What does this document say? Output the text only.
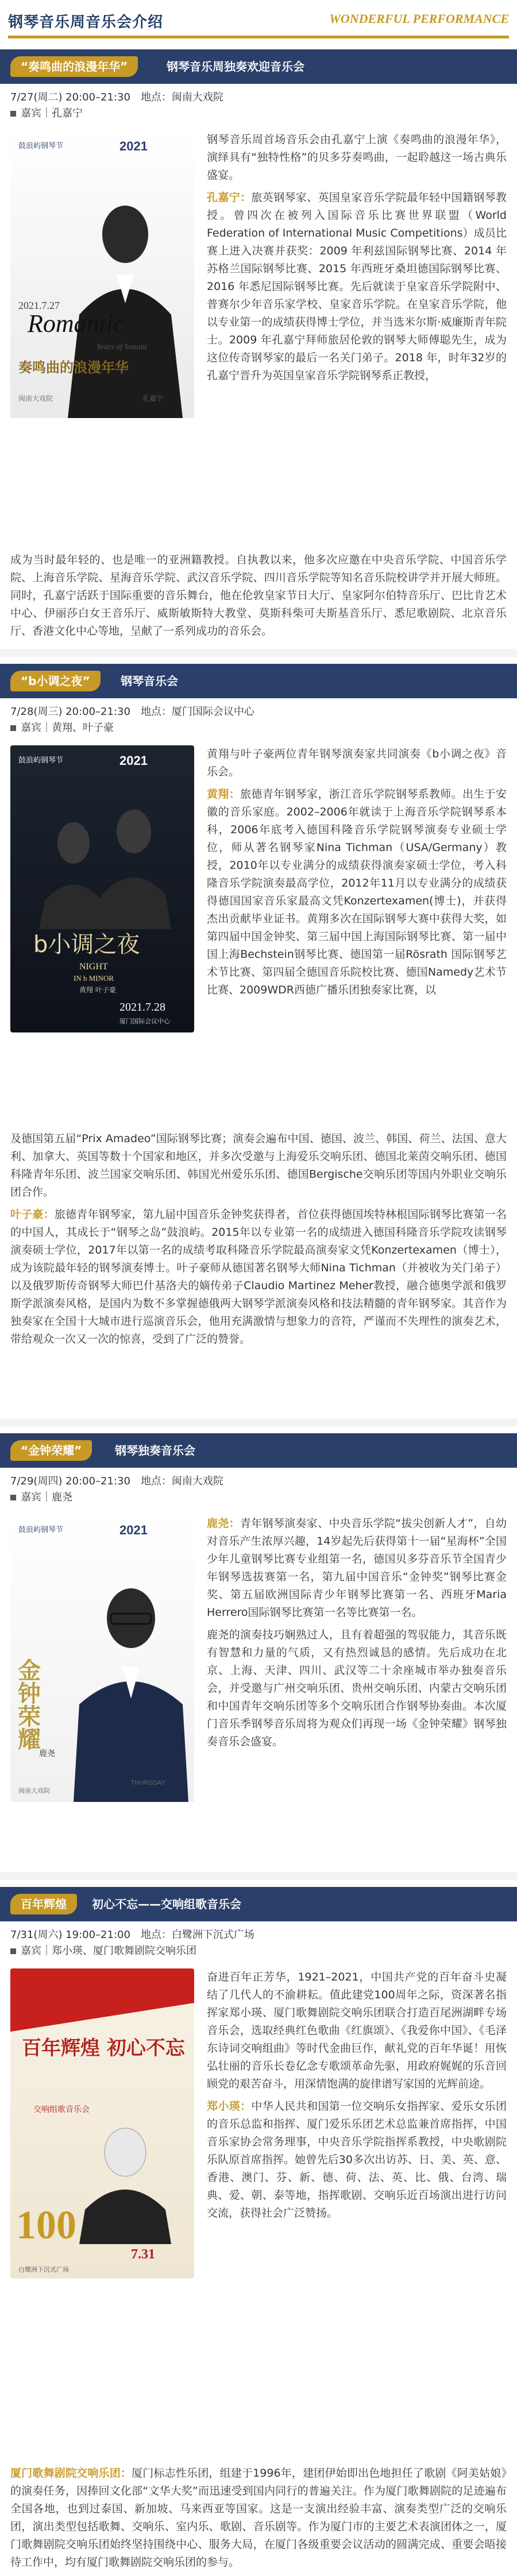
钢琴音乐周音乐会介绍	WONDERFUL PERFORMANCE
“奏鸣曲的浪漫年华”	钢琴音乐周独奏欢迎音乐会
7/27(周二) 20:00–21:30　 地点：闽南大戏院
嘉宾｜孔嘉宁
鼓浪屿钢琴节	2021
Romantic
Years of Sonata
奏鸣曲的浪漫年华
2021.7.27
闽南大戏院	孔嘉宁

钢琴音乐周首场音乐会由孔嘉宁上演《奏鸣曲的浪漫年华》，演绎具有“独特性格”的贝多芬奏鸣曲，一起聆越这一场古典乐盛宴。

孔嘉宁：旅英钢琴家、英国皇家音乐学院最年轻中国籍钢琴教授。曾四次在被列入国际音乐比赛世界联盟（World Federation of International Music Competitions）成员比赛上进入决赛并获奖：2009 年利兹国际钢琴比赛、2014 年苏格兰国际钢琴比赛、2015 年西班牙桑坦德国际钢琴比赛、2016 年悉尼国际钢琴比赛。先后就读于皇家音乐学院附中、普赛尔少年音乐家学校、皇家音乐学院。在皇家音乐学院，他以专业第一的成绩获得博士学位，并当选米尔斯·威廉斯青年院士。2009 年孔嘉宁拜师旅居伦敦的钢琴大师傅聪先生，成为这位传奇钢琴家的最后一名关门弟子。2018 年，时年32岁的孔嘉宁晋升为英国皇家音乐学院钢琴系正教授，

成为当时最年轻的、也是唯一的亚洲籍教授。自执教以来，他多次应邀在中央音乐学院、中国音乐学院、上海音乐学院、星海音乐学院、武汉音乐学院、四川音乐学院等知名音乐院校讲学并开展大师班。同时，孔嘉宁活跃于国际重要的音乐舞台，他在伦敦皇家节日大厅、皇家阿尔伯特音乐厅、巴比肯艺术中心、伊丽莎白女王音乐厅、威斯敏斯特大教堂、莫斯科柴可夫斯基音乐厅、悉尼歌剧院、北京音乐厅、香港文化中心等地，呈献了一系列成功的音乐会。

“b小调之夜”	钢琴音乐会
7/28(周三) 20:00–21:30　 地点：厦门国际会议中心
嘉宾｜黄翔、叶子豪
鼓浪屿钢琴节	2021
b小调之夜
NIGHT
IN b MINOR
黄翔 叶子豪
2021.7.28
厦门国际会议中心

黄翔与叶子豪两位青年钢琴演奏家共同演奏《b小调之夜》音乐会。

黄翔：旅德青年钢琴家，浙江音乐学院钢琴系教师。出生于安徽的音乐家庭。2002–2006年就读于上海音乐学院钢琴系本科，2006年底考入德国科隆音乐学院钢琴演奏专业硕士学位，师从著名钢琴家Nina Tichman（USA/Germany）教授，2010年以专业满分的成绩获得演奏家硕士学位，考入科隆音乐学院演奏最高学位，2012年11月以专业满分的成绩获得德国国家音乐家最高文凭Konzertexamen(博士)，并获得杰出贡献毕业证书。黄翔多次在国际钢琴大赛中获得大奖，如第四届中国金钟奖、第三届中国上海国际钢琴比赛、第一届中国上海Bechstein钢琴比赛、德国第一届Rösrath 国际钢琴艺术节比赛、第四届全德国音乐院校比赛、德国Namedy艺术节比赛、2009WDR西德广播乐团独奏家比赛，以

及德国第五届“Prix Amadeo”国际钢琴比赛；演奏会遍布中国、德国、波兰、韩国、荷兰、法国、意大利、加拿大、英国等数十个国家和地区，并多次受邀与上海爱乐交响乐团、德国北莱茵交响乐团、德国科隆青年乐团、波兰国家交响乐团、韩国光州爱乐乐团、德国Bergische交响乐团等国内外职业交响乐团合作。

叶子豪：旅德青年钢琴家，第九届中国音乐金钟奖获得者，首位获得德国埃特林根国际钢琴比赛第一名的中国人，其成长于“钢琴之岛”鼓浪屿。2015年以专业第一名的成绩进入德国科隆音乐学院攻读钢琴演奏硕士学位，2017年以第一名的成绩考取科隆音乐学院最高演奏家文凭Konzertexamen（博士），成为该院最年轻的钢琴演奏博士。叶子豪师从德国著名钢琴大师Nina Tichman（并被收为关门弟子）以及俄罗斯传奇钢琴大师巴什基洛夫的嫡传弟子Claudio Martinez Meher教授，融合德奥学派和俄罗斯学派演奏风格，是国内为数不多掌握德俄两大钢琴学派演奏风格和技法精髓的青年钢琴家。其音作为独奏家在全国十大城市进行巡演音乐会，他用充满激情与想象力的音符，严谨而不失理性的演奏艺术，带给观众一次又一次的惊喜，受到了广泛的赞誉。

“金钟荣耀”	钢琴独奏音乐会
7/29(周四) 20:00–21:30　 地点：闽南大戏院
嘉宾｜鹿尧
鼓浪屿钢琴节	2021
金钟荣耀
鹿尧
2021.7.29
THURSDAY
闽南大戏院

鹿尧：青年钢琴演奏家、中央音乐学院“拔尖创新人才”，自幼对音乐产生浓厚兴趣，14岁起先后获得第十一届“星海杯”全国少年儿童钢琴比赛专业组第一名，德国贝多芬音乐节全国青少年钢琴选拔赛第一名，第九届中国音乐“金钟奖”钢琴比赛金奖、第五届欧洲国际青少年钢琴比赛第一名、西班牙Maria Herrero国际钢琴比赛第一名等比赛第一名。

鹿尧的演奏技巧娴熟过人，且有着超强的驾驭能力，其音乐既有智慧和力量的气质，又有热烈诚恳的感情。先后成功在北京、上海、天津、四川、武汉等二十余座城市举办独奏音乐会，并受邀与广州交响乐团、贵州交响乐团、内蒙古交响乐团和中国青年交响乐团等多个交响乐团合作钢琴协奏曲。本次厦门音乐季钢琴音乐周将为观众们再现一场《金钟荣耀》钢琴独奏音乐会盛宴。

百年辉煌	初心不忘——交响组歌音乐会
7/31(周六) 19:00–21:00　 地点：白鹭洲下沉式广场
嘉宾｜郑小瑛、厦门歌舞剧院交响乐团
百年辉煌 初心不忘
交响组歌音乐会
100
7.31
白鹭洲下沉式广场

奋进百年正芳华，1921–2021，中国共产党的百年奋斗史凝结了几代人的不渝耕耘。值此建党100周年之际，资深著名指挥家郑小瑛、厦门歌舞剧院交响乐团联合打造百尾洲湖畔专场音乐会，选取经典红色歌曲《红旗颂》、《我爱你中国》、《毛泽东诗词交响组曲》等时代金曲巨作，献礼党的百年华诞！用恢弘壮丽的音乐长卷亿念专歌颂革命先驱，用政府娓娓的乐音回顾党的艰苦奋斗，用深情饱满的旋律谱写家国的光辉前途。

郑小瑛：中华人民共和国第一位交响乐女指挥家、爱乐女乐团的音乐总监和指挥、厦门爱乐乐团艺术总监兼首席指挥，中国音乐家协会常务理事，中央音乐学院指挥系教授，中央歌剧院乐队原首席指挥。她曾先后30多次出访苏、日、美、英、意、香港、澳门、芬、新、德、荷、法、英、比、俄、台湾、瑞典、爱、朝、泰等地，指挥歌剧、交响乐近百场演出进行访问交流，获得社会广泛赞扬。

厦门歌舞剧院交响乐团：厦门标志性乐团，组建于1996年，建团伊始即出色地担任了歌剧《阿美姑娘》的演奏任务，因捧回文化部“文华大奖”而迅速受到国内同行的普遍关注。作为厦门歌舞剧院的足迹遍布全国各地，也到过泰国、新加坡、马来西亚等国家。这是一支演出经验丰富、演奏类型广泛的交响乐团，演出类型包括歌舞、交响乐、室内乐、歌剧、音乐剧等。作为厦门市的主要艺术表演团体之一，厦门歌舞剧院交响乐团始终坚持围绕中心、服务大局，在厦门各级重要会议活动的圆满完成、重要会晤接待工作中，均有厦门歌舞剧院交响乐团的参与。
